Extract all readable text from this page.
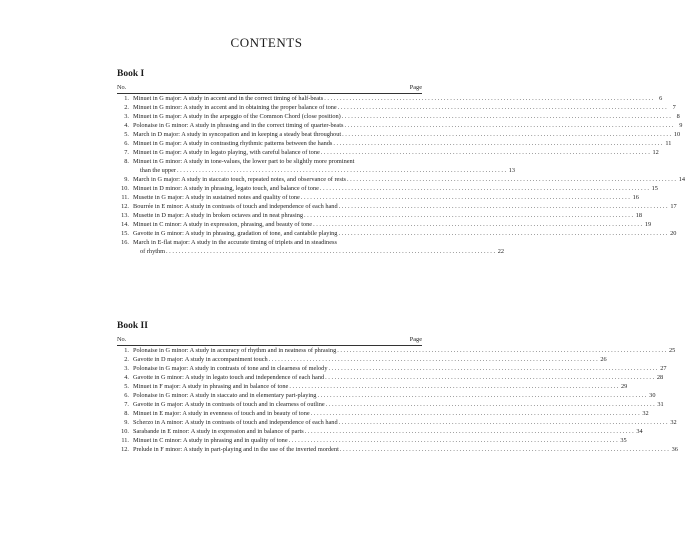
CONTENTS
Book I
No.	Page
1. Minuet in G major: A study in accent and in the correct timing of half-beats . . .	6
2. Minuet in G minor: A study in accent and in obtaining the proper balance of tone . . .	7
3. Minuet in G major: A study in the arpeggio of the Common Chord (close position) . . .	8
4. Polonaise in G minor: A study in phrasing and in the correct timing of quarter-beats . . .	9
5. March in D major: A study in syncopation and in keeping a steady beat throughout . . .	10
6. Minuet in G major: A study in contrasting rhythmic patterns between the hands . . .	11
7. Minuet in G major: A study in legato playing, with careful balance of tone . . .	12
8. Minuet in G minor: A study in tone-values, the lower part to be slightly more prominent
than the upper . . .	13
9. March in G major: A study in staccato touch, repeated notes, and observance of rests . . .	14
10. Minuet in D minor: A study in phrasing, legato touch, and balance of tone . . .	15
11. Musette in G major: A study in sustained notes and quality of tone . . .	16
12. Bourrée in E minor: A study in contrasts of touch and independence of each hand . . .	17
13. Musette in D major: A study in broken octaves and in neat phrasing . . .	18
14. Minuet in C minor: A study in expression, phrasing, and beauty of tone . . .	19
15. Gavotte in G minor: A study in phrasing, gradation of tone, and cantabile playing . . .	20
16. March in E-flat major: A study in the accurate timing of triplets and in steadiness
of rhythm . . .	22
Book II
No.	Page
1. Polonaise in G minor: A study in accuracy of rhythm and in neatness of phrasing . . .	25
2. Gavotte in D major: A study in accompaniment touch . . .	26
3. Polonaise in G major: A study in contrasts of tone and in clearness of melody . . .	27
4. Gavotte in G minor: A study in legato touch and independence of each hand . . .	28
5. Minuet in F major: A study in phrasing and in balance of tone . . .	29
6. Polonaise in G minor: A study in staccato and in elementary part-playing . . .	30
7. Gavotte in G major: A study in contrasts of touch and in clearness of outline . . .	31
8. Minuet in E major: A study in evenness of touch and in beauty of tone . . .	32
9. Scherzo in A minor: A study in contrasts of touch and independence of each hand . . .	32
10. Sarabande in E minor: A study in expression and in balance of parts . . .	34
11. Minuet in C minor: A study in phrasing and in quality of tone . . .	35
12. Prelude in F minor: A study in part-playing and in the use of the inverted mordent . . .	36
